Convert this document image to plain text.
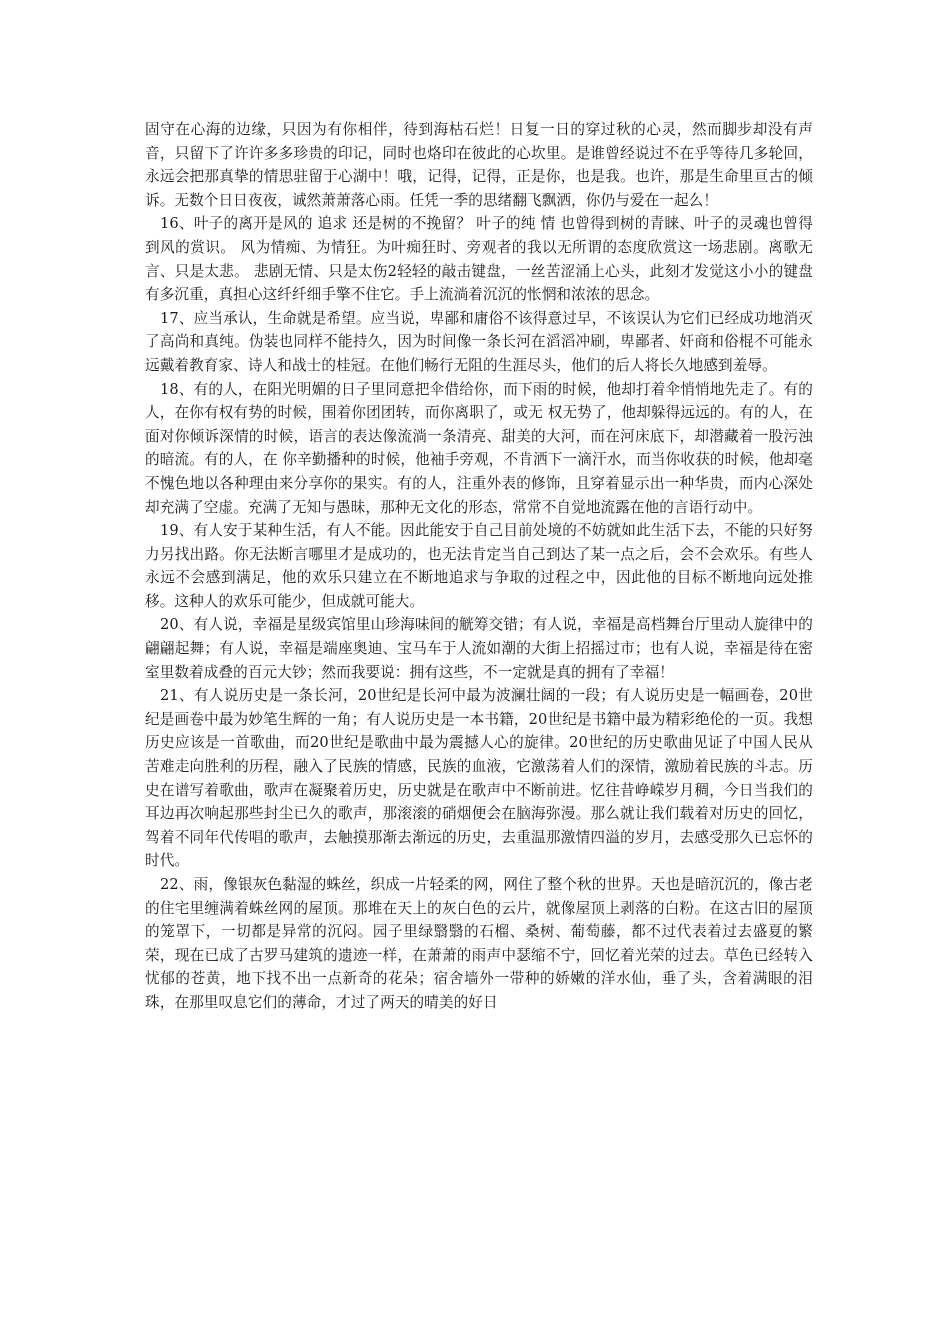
固守在心海的边缘，只因为有你相伴，待到海枯石烂！日复一日的穿过秋的心灵，然而脚步却没有声音，只留下了许许多多珍贵的印记，同时也烙印在彼此的心坎里。是谁曾经说过不在乎等待几多轮回，永远会把那真挚的情思驻留于心湖中！哦，记得，记得，正是你，也是我。也许，那是生命里亘古的倾诉。无数个日日夜夜，诚然萧萧落心雨。任凭一季的思绪翻飞飘洒，你仍与爱在一起么！

16、叶子的离开是风的 追求 还是树的不挽留？ 叶子的纯 情 也曾得到树的青睐、叶子的灵魂也曾得到风的赏识。 风为情痴、为情狂。为叶痴狂时、旁观者的我以无所谓的态度欣赏这一场悲剧。离歌无言、只是太悲。 悲剧无情、只是太伤2轻轻的敲击键盘，一丝苦涩涌上心头，此刻才发觉这小小的键盘有多沉重，真担心这纤纤细手擎不住它。手上流淌着沉沉的怅惘和浓浓的思念。

17、应当承认，生命就是希望。应当说，卑鄙和庸俗不该得意过早，不该误认为它们已经成功地消灭了高尚和真纯。伪装也同样不能持久，因为时间像一条长河在滔滔冲刷，卑鄙者、奸商和俗棍不可能永远戴着教育家、诗人和战士的桂冠。在他们畅行无阻的生涯尽头，他们的后人将长久地感到羞辱。

18、有的人，在阳光明媚的日子里同意把伞借给你，而下雨的时候，他却打着伞悄悄地先走了。有的人，在你有权有势的时候，围着你团团转，而你离职了，或无 权无势了，他却躲得远远的。有的人，在面对你倾诉深情的时候，语言的表达像流淌一条清亮、甜美的大河，而在河床底下，却潜藏着一股污浊的暗流。有的人，在 你辛勤播种的时候，他袖手旁观，不肯洒下一滴汗水，而当你收获的时候，他却毫不愧色地以各种理由来分享你的果实。有的人，注重外表的修饰，且穿着显示出一种华贵，而内心深处却充满了空虚。充满了无知与愚昧，那种无文化的形态，常常不自觉地流露在他的言语行动中。

19、有人安于某种生活，有人不能。因此能安于自己目前处境的不妨就如此生活下去，不能的只好努力另找出路。你无法断言哪里才是成功的，也无法肯定当自己到达了某一点之后，会不会欢乐。有些人永远不会感到满足，他的欢乐只建立在不断地追求与争取的过程之中，因此他的目标不断地向远处推移。这种人的欢乐可能少，但成就可能大。

20、有人说，幸福是星级宾馆里山珍海味间的觥筹交错；有人说，幸福是高档舞台厅里动人旋律中的翩翩起舞；有人说，幸福是端座奥迪、宝马车于人流如潮的大街上招摇过市；也有人说，幸福是待在密室里数着成叠的百元大钞；然而我要说：拥有这些，不一定就是真的拥有了幸福！

21、有人说历史是一条长河，20世纪是长河中最为波澜壮阔的一段；有人说历史是一幅画卷，20世纪是画卷中最为妙笔生辉的一角；有人说历史是一本书籍，20世纪是书籍中最为精彩绝伦的一页。我想历史应该是一首歌曲，而20世纪是歌曲中最为震撼人心的旋律。20世纪的历史歌曲见证了中国人民从苦难走向胜利的历程，融入了民族的情感，民族的血液，它激荡着人们的深情，激励着民族的斗志。历史在谱写着歌曲，歌声在凝聚着历史，历史就是在歌声中不断前进。忆往昔峥嵘岁月稠，今日当我们的耳边再次响起那些封尘已久的歌声，那滚滚的硝烟便会在脑海弥漫。那么就让我们载着对历史的回忆，驾着不同年代传唱的歌声，去触摸那渐去渐远的历史，去重温那激情四溢的岁月，去感受那久已忘怀的时代。

22、雨，像银灰色黏湿的蛛丝，织成一片轻柔的网，网住了整个秋的世界。天也是暗沉沉的，像古老的住宅里缠满着蛛丝网的屋顶。那堆在天上的灰白色的云片，就像屋顶上剥落的白粉。在这古旧的屋顶的笼罩下，一切都是异常的沉闷。园子里绿翳翳的石榴、桑树、葡萄藤，都不过代表着过去盛夏的繁荣，现在已成了古罗马建筑的遗迹一样，在萧萧的雨声中瑟缩不宁，回忆着光荣的过去。草色已经转入忧郁的苍黄，地下找不出一点新奇的花朵；宿舍墙外一带种的娇嫩的洋水仙，垂了头，含着满眼的泪珠，在那里叹息它们的薄命，才过了两天的晴美的好日
